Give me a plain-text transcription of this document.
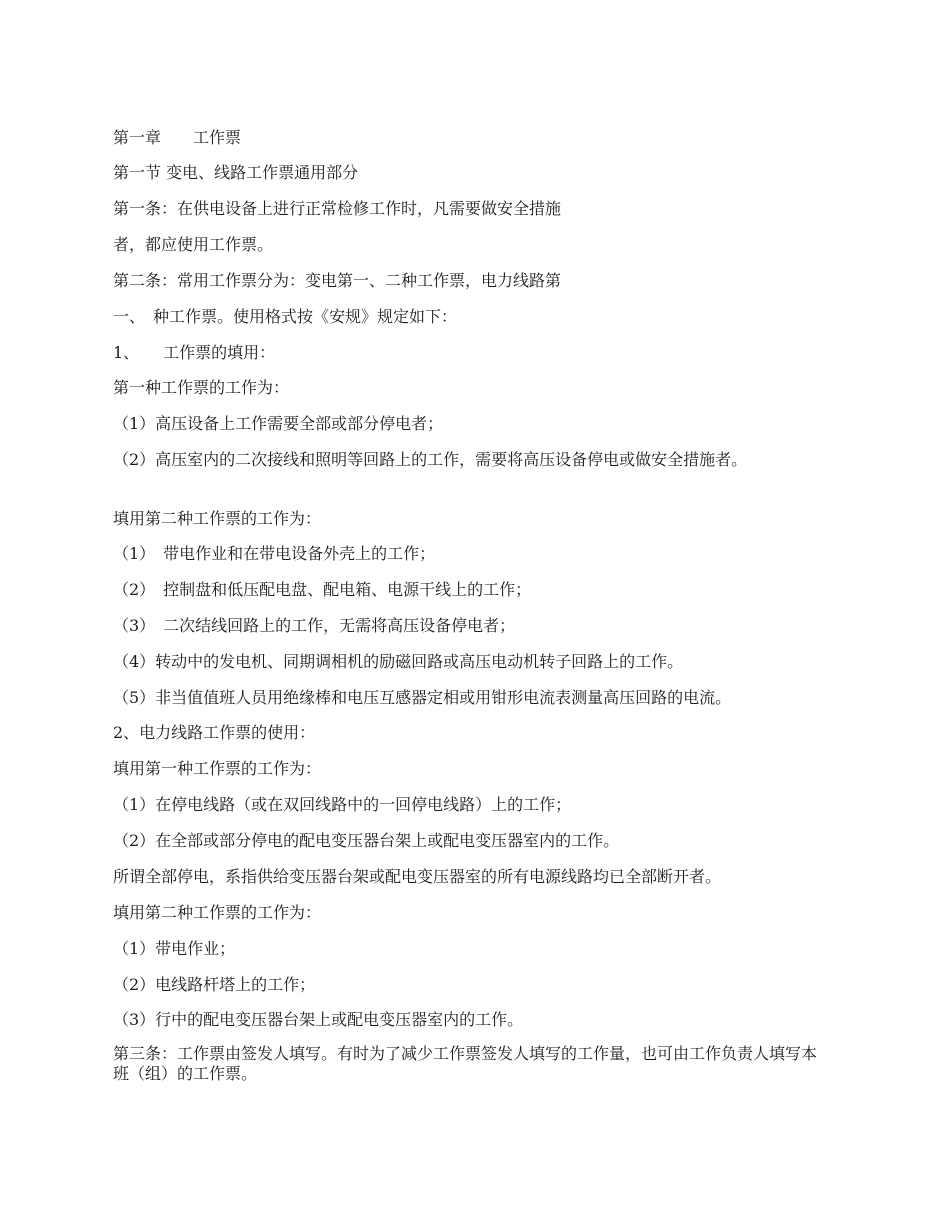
第一章　　工作票
第一节 变电、线路工作票通用部分
第一条：在供电设备上进行正常检修工作时，凡需要做安全措施
者，都应使用工作票。
第二条：常用工作票分为：变电第一、二种工作票，电力线路第
一、　种工作票。使用格式按《安规》规定如下：
1、　　工作票的填用：
第一种工作票的工作为：
（1）高压设备上工作需要全部或部分停电者；
（2）高压室内的二次接线和照明等回路上的工作，需要将高压设备停电或做安全措施者。
填用第二种工作票的工作为：
（1）　带电作业和在带电设备外壳上的工作；
（2）　控制盘和低压配电盘、配电箱、电源干线上的工作；
（3）　二次结线回路上的工作，无需将高压设备停电者；
（4）转动中的发电机、同期调相机的励磁回路或高压电动机转子回路上的工作。
（5）非当值值班人员用绝缘棒和电压互感器定相或用钳形电流表测量高压回路的电流。
2、电力线路工作票的使用：
填用第一种工作票的工作为：
（1）在停电线路（或在双回线路中的一回停电线路）上的工作；
（2）在全部或部分停电的配电变压器台架上或配电变压器室内的工作。
所谓全部停电，系指供给变压器台架或配电变压器室的所有电源线路均已全部断开者。
填用第二种工作票的工作为：
（1）带电作业；
（2）电线路杆塔上的工作；
（3）行中的配电变压器台架上或配电变压器室内的工作。
第三条：工作票由签发人填写。有时为了减少工作票签发人填写的工作量，也可由工作负责人填写本班（组）的工作票。
